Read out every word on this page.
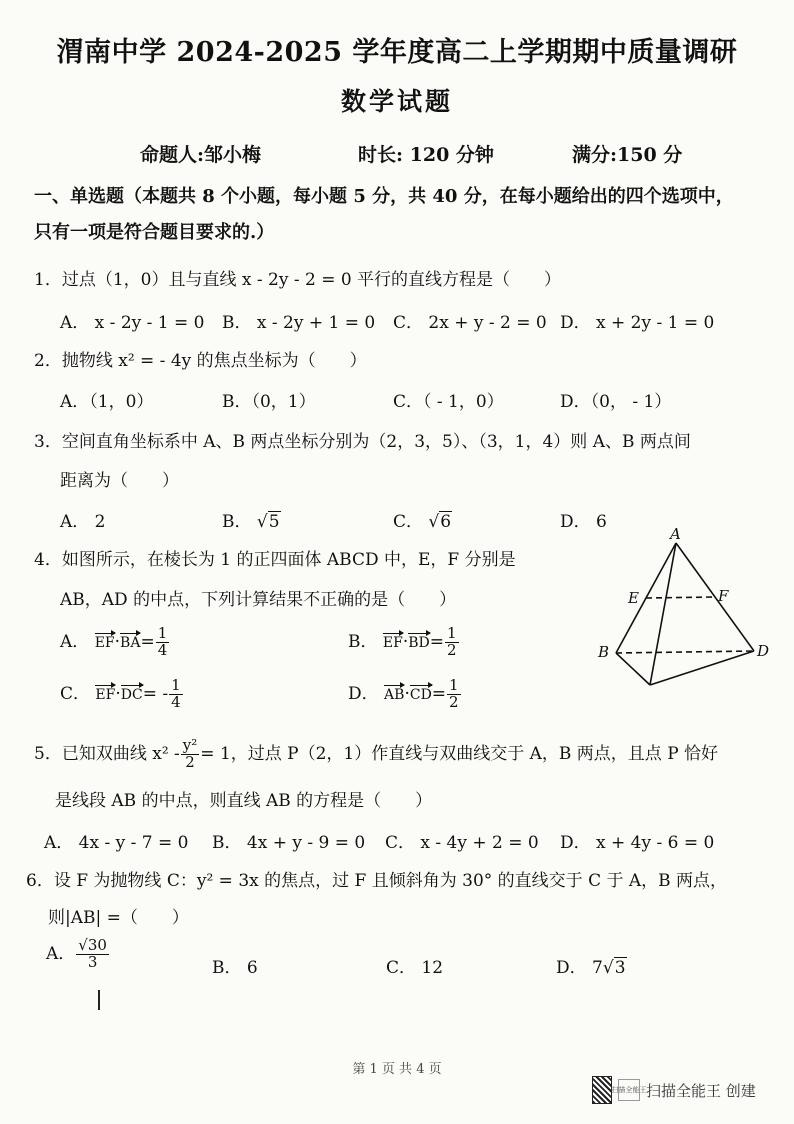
渭南中学 2024-2025 学年度高二上学期期中质量调研
数学试题
命题人:邹小梅	时长: 120 分钟	满分:150 分
一、单选题（本题共 8 个小题，每小题 5 分，共 40 分，在每小题给出的四个选项中，
只有一项是符合题目要求的.）
1．过点（1，0）且与直线 x - 2y - 2 = 0 平行的直线方程是（　　）
A． x - 2y - 1 = 0 B． x - 2y + 1 = 0 C． 2x + y - 2 = 0 D． x + 2y - 1 = 0
2．抛物线 x² = - 4y 的焦点坐标为（　　）
A．（1，0）	B．（0，1）	C．（ - 1，0）	D．（0， - 1）
3．空间直角坐标系中 A、B 两点坐标分别为（2，3，5）、（3，1，4）则 A、B 两点间
距离为（　　）
A． 2	B． √5	C． √6	D． 6
4．如图所示，在棱长为 1 的正四面体 ABCD 中，E，F 分别是
AB，AD 的中点，下列计算结果不正确的是（　　）
A． $EF\cdot BA= \frac{1}{4}$	B． $EF\cdot BD= \frac{1}{2}$
C． $EF\cdot DC= - \frac{1}{4}$	D． $AB\cdot CD= \frac{1}{2}$
A
B	D
E	F
5．已知双曲线 $x^2 - \frac{\text{y²}}{2} = 1$，过点 P（2，1）作直线与双曲线交于 A，B 两点，且点 P 恰好
是线段 AB 的中点，则直线 AB 的方程是（　　）
A． 4x - y - 7 = 0 B． 4x + y - 9 = 0 C． x - 4y + 2 = 0 D． x + 4y - 6 = 0
6．设 F 为抛物线 C：y² = 3x 的焦点，过 F 且倾斜角为 30° 的直线交于 C 于 A，B 两点，
则|AB| =（　　）
A． $\frac{√30}{3}$	B． 6	C． 12	D． 7√3
第 1 页 共 4 页
扫描全能王 扫描全能王 创建
